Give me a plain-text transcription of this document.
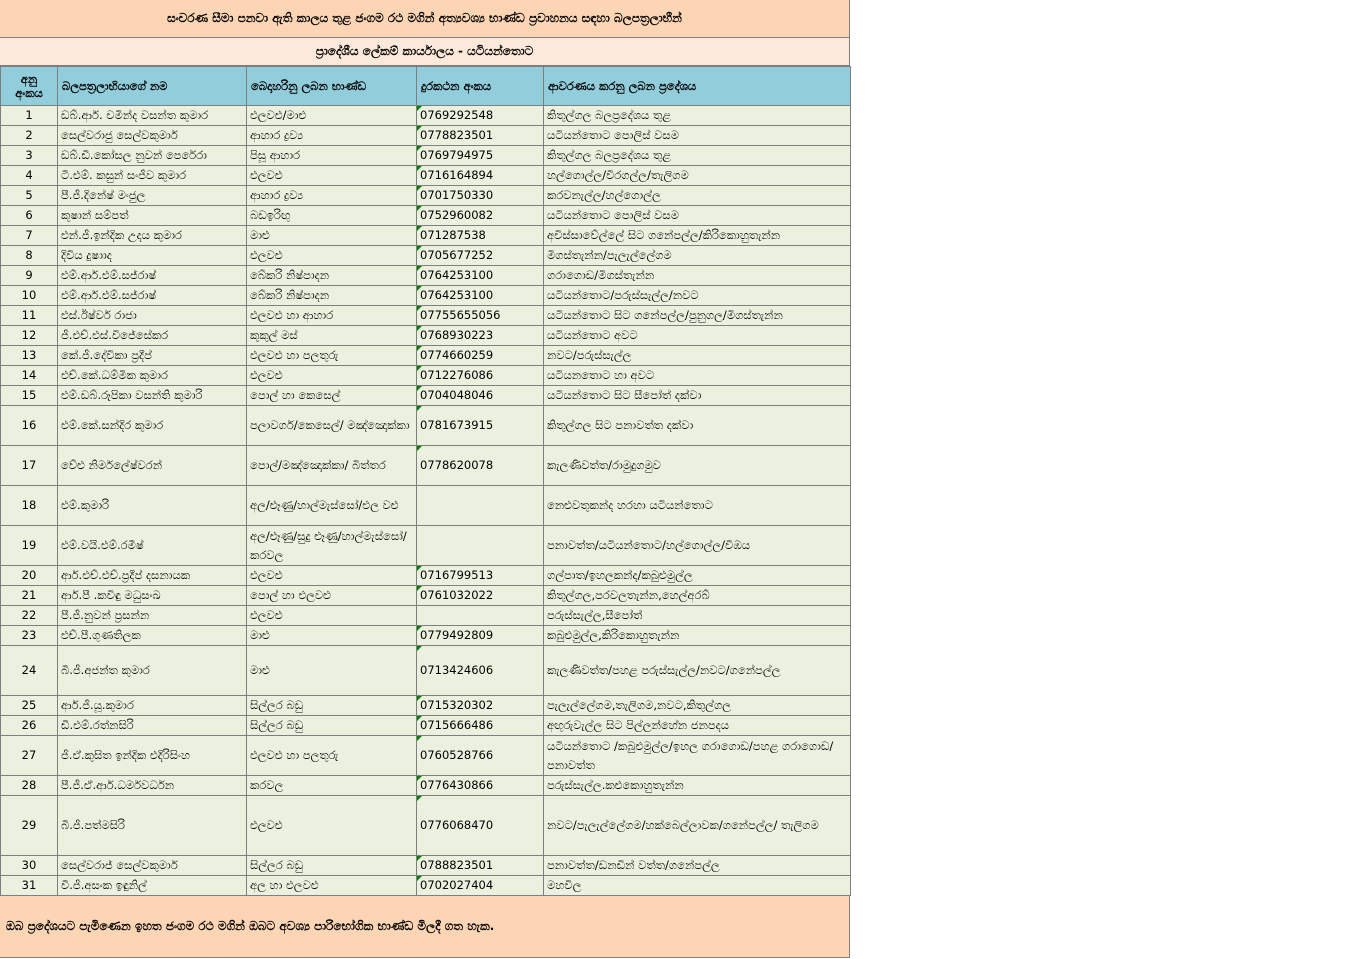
සංචරණ සීමා පනවා ඇති කාලය තුළ ජංගම රථ මගින් අත්‍යවශ්‍ය භාණ්ඩ ප්‍රවාහනය සඳහා බලපත්‍රලාභීන්
ප්‍රාදේශීය ලේකම් කාර්යාලය - යටියන්තොට
අනු
අංකය	බලපත්‍රලාභියාගේ නම	බෙදාහරිනු ලබන භාණ්ඩ	දුරකථන අංකය	ආවරණය කරනු ලබන ප්‍රදේශය
1	ඩබ්.ආර්. චමින්ද වසන්ත කුමාර	එලවළු/මාළු	0769292548	කිතුල්ගල බලප්‍රදේශය තුළ
2	සෙල්වරාජු සෙල්වකුමාර්	ආහාර ද්‍රව්‍ය	0778823501	යටියන්තොට පොලිස් වසම
3	ඩබ්.ඩී.කෝසල නුවන් පෙරේරා	පිසූ ආහාර	0769794975	කිතුල්ගල බලප්‍රදේශය තුළ
4	ටී.එම්. කසුන් සංජීව කුමාර	එලවළු	0716164894	හල්ගොල්ල/විරගල්ල/තැලිගම
5	පී.ජී.දිනේෂ් මංජුල	ආහාර ද්‍රව්‍ය	0701750330	කරවනැල්ල/හල්ගොල්ල
6	කුෂාන් සම්පත්	බඩඉරිඟු	0752960082	යටියන්තොට පොලිස් වසම
7	එන්.ජී.ඉන්දික උදය කුමාර	මාළු	071287538	අවිස්සාවේල්ලේ සිට ගනේපල්ල/කිරිකොහුතැන්න
8	දිවිය දුෂාාද	එලවළු	0705677252	මිගස්තැන්න/පැලැල්ලේගම
9	එම්.ආර්.එම්.සජ්රාෂ්	බේකරි නිෂ්පාදන	0764253100	ගරාගොඩ/මිගස්තැන්න
10	එම්.ආර්.එම්.සජ්රාෂ්	බේකරි නිෂ්පාදන	0764253100	යටියන්තොට/පරුස්සැල්ල/නවට
11	එස්.ඊෂ්වර් රාජා	එලවළු හා ආහාර	07755655056	යටියන්තොට සිට ගනේපල්ල/පුනුගල/මිගස්තැන්න
12	ජී.එච්.එස්.විජේසේකර	කුකුල් මස්	0768930223	යටියන්තොට අවට
13	කේ.ජී.දේවිකා ප්‍රදීප්	එලවළු හා පලතුරු	0774660259	නවට/පරුස්සැල්ල
14	එච්.කේ.ධම්මික කුමාර	එලවළු	0712276086	යටියනතොට හා අවට
15	එම්.ඩබ්.රූපිකා වසන්ති කුමාරි	පොල් හා කෙසෙල්	0704048046	යටියන්තොට සිට සීපෝත් දක්වා
16	එම්.කේ.සන්දිර කුමාර	පලාවර්ග/කෙසෙල්/ මඤ්ඤොක්කා	0781673915	කිතුල්ගල සිට පනාවත්ත දක්වා
17	වේළු නිර්මලේෂ්වරන්	පොල්/මඤ්ඤොක්කා/ බිත්තර	0778620078	කැලණිවත්ත/රාමුදුගමුව
18	එම්.කුමාරි	අල/ළූණු/හාල්මැස්සෝ/එල වළු		නෙළුවතුකන්ද හරහා යටියන්තොට
19	එම්.වයි.එම්.රමීෂ්	අල/ළූණු/සුදු ළූණු/හාල්මැස්සෝ/කරවල		පනාවත්ත/යටියන්තොට/හල්ගොල්ල/විඹය
20	ආර්.එච්.එච්.ප්‍රදීප් දසනායක	එලවළු	0716799513	ගල්පාත/ඉහලකන්ද/කබුළුමුල්ල
21	ආර්.පී .කවිඳු මධුසංඛ	පොල් හා එලවළු	0761032022	කිතුල්ගල,පරවලතැන්න,හෙල්අරබ්
22	පී.ජී.නුවන් ප්‍රසන්න	එලවළු		පරුස්සැල්ල,සීපෝත්
23	එච්.පී.ගුණතිලක	මාළු	0779492809	කබුළුමුල්ල,කිරිකොහුතැන්න
24	බී.ජී.අජන්ත කුමාර	මාළු	0713424606	කැලණිවත්ත/පහළ පරුස්සැල්ල/නවට/ගනේපල්ල
25	ආර්.ජී.යූ.කුමාර	සිල්ලර බඩු	0715320302	පැලැල්ලේගම,තැලිගම,නවට,කිතුල්ගල
26	ඩී.එම්.රත්නසිරි	සිල්ලර බඩු	0715666486	අඟුරුවැල්ල සිට පිල්ලන්හේන ජනපදය
27	ජී.ඒ.කුසිත ඉන්දික එදිරිසිංහ	එලවළු හා පලතුරු	0760528766	යටියන්තොට /කබුළුමුල්ල/ඉහල ගරාගොඩ/පහළ ගරාගොඩ/පනාවත්ත
28	පී.ජී.ඒ.ආර්.ධර්මවර්ධන	කරවල	0776430866	පරුස්සැල්ල.කළුකොහුතැන්න
29	බී.ජී.පත්මසිරි	එලවළු	0776068470	නවට/පැලැල්ලේගම/හක්බෙල්ලාවක/ගනේපල්ල/ තැලිගම
30	සෙල්වරාජ් සෙල්වකුමාර්	සිල්ලර බඩු	0788823501	පනාවත්ත/ඩනඩින් වත්ත/ගනේපල්ල
31	වී.ජී.අසංක ඉඳුනිල්	අල හා එලවළු	0702027404	මහවිල
ඔබ ප්‍රදේශයට පැමිණෙන ඉහත ජංගම රථ මගින් ඔබට අවශ්‍ය පාරිභෝගික භාණ්ඩ මිලදී ගත හැක.
